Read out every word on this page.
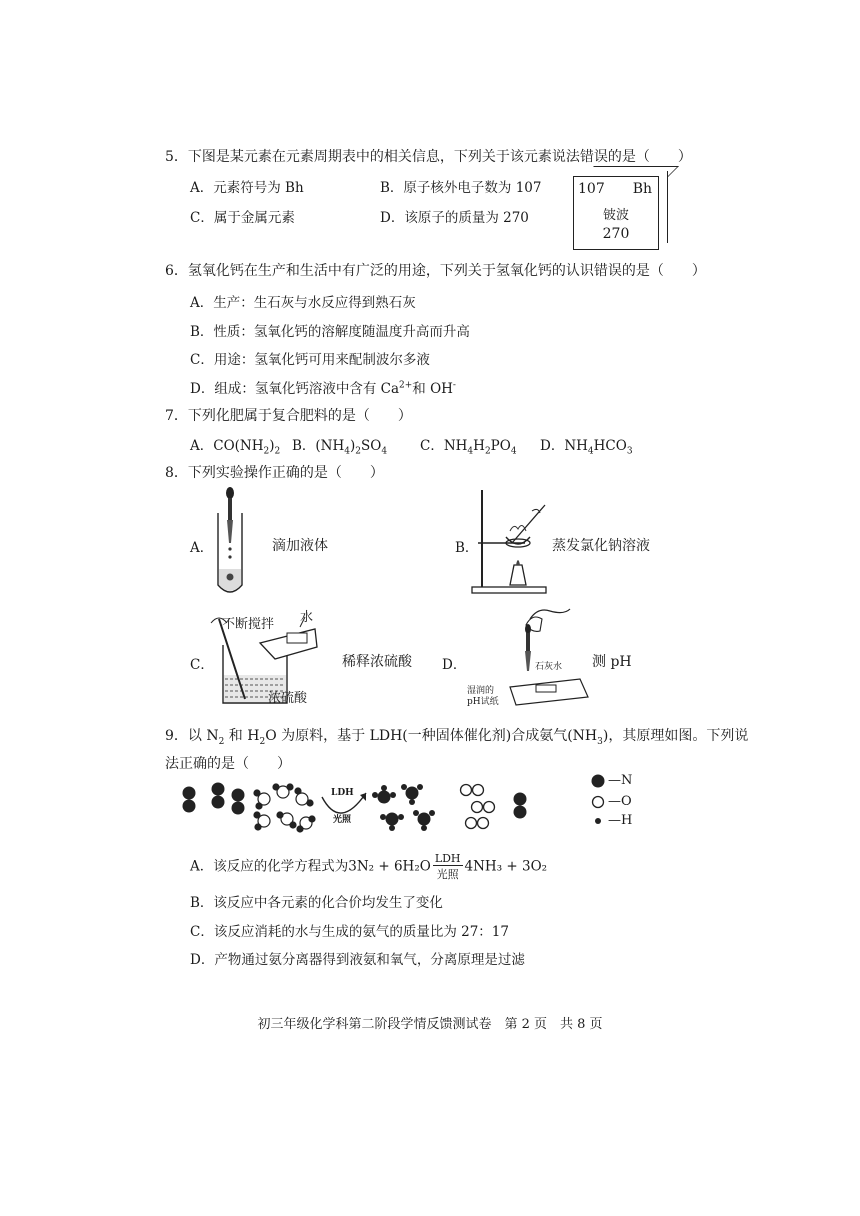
5．下图是某元素在元素周期表中的相关信息，下列关于该元素说法错误的是（　　）
A．元素符号为 Bh	B．原子核外电子数为 107
C．属于金属元素	D．该原子的质量为 270
107 Bh
铍波
270
6．氢氧化钙在生产和生活中有广泛的用途，下列关于氢氧化钙的认识错误的是（　　）
A．生产：生石灰与水反应得到熟石灰
B．性质：氢氧化钙的溶解度随温度升高而升高
C．用途：氢氧化钙可用来配制波尔多液
D．组成：氢氧化钙溶液中含有 $Ca^{2+}$和 OH-
7．下列化肥属于复合肥料的是（　　）
A．$CO(NH_2)_2$ B．$(NH_4)_2SO_4$ C．$NH_4H_2PO_4$ D．$NH_4HCO_3$
8．下列实验操作正确的是（　　）
A．	滴加液体	B．	蒸发氯化钠溶液
C．
不断搅拌 水
浓硫酸
稀释浓硫酸 D．	石灰水
湿润的
pH试纸
测 pH
9．以 $N_2$ 和 $H_2O$ 为原料，基于 LDH(一种固体催化剂)合成氨气$(NH_3)$，其原理如图。下列说
法正确的是（　　）
LDH
光照
—N
—O
—H
A．该反应的化学方程式为$3N_2 + 6H_2O \frac{\text{LDH}}{\text{光照}} 4NH_3 + 3O_2$
B．该反应中各元素的化合价均发生了变化
C．该反应消耗的水与生成的氨气的质量比为 27：17
D．产物通过氨分离器得到液氨和氧气，分离原理是过滤
初三年级化学科第二阶段学情反馈测试卷　第 2 页　共 8 页
